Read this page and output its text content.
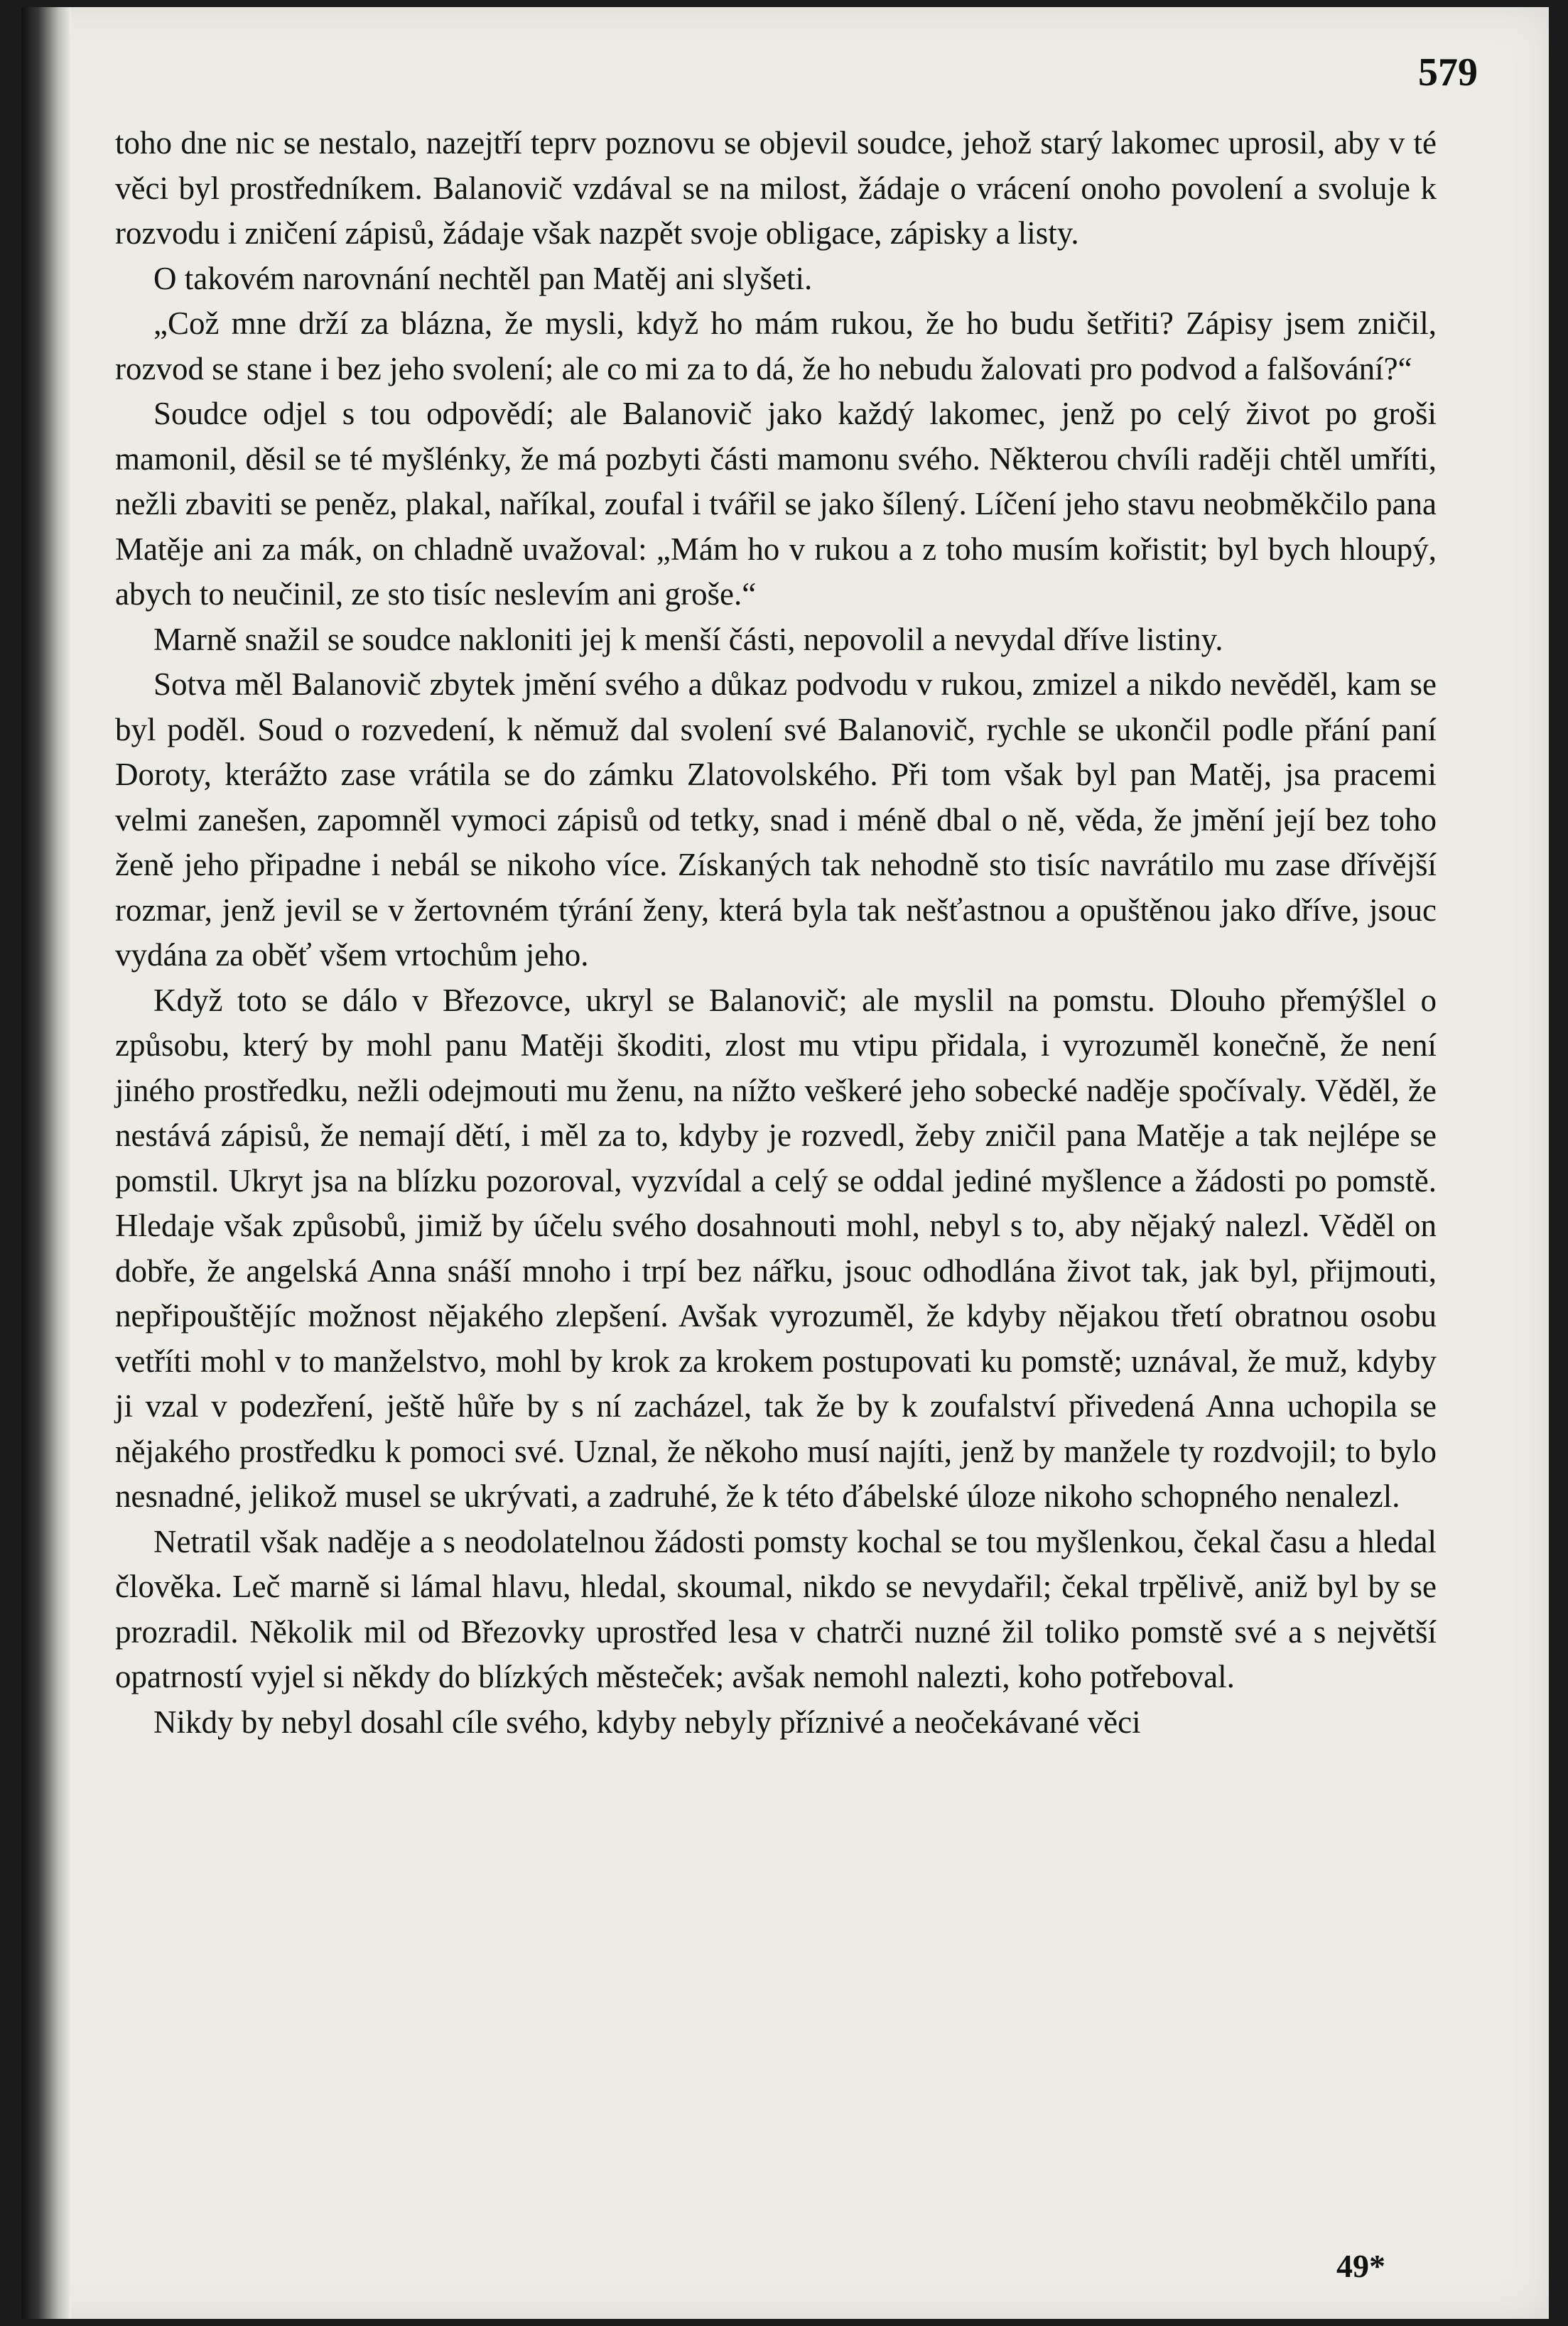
579

toho dne nic se nestalo, nazejtří teprv poznovu se objevil soudce, jehož starý lakomec uprosil, aby v té věci byl prostředníkem. Balanovič vzdával se na milost, žádaje o vrácení onoho povolení a svoluje k rozvodu i zničení zápisů, žádaje však nazpět svoje obligace, zápisky a listy.

O takovém narovnání nechtěl pan Matěj ani slyšeti.

„Což mne drží za blázna, že mysli, když ho mám rukou, že ho budu šetřiti? Zápisy jsem zničil, rozvod se stane i bez jeho svolení; ale co mi za to dá, že ho nebudu žalovati pro podvod a falšování?“

Soudce odjel s tou odpovědí; ale Balanovič jako každý lakomec, jenž po celý život po groši mamonil, děsil se té myšlénky, že má pozbyti části mamonu svého. Některou chvíli raději chtěl umříti, nežli zbaviti se peněz, plakal, naříkal, zoufal i tvářil se jako šílený. Líčení jeho stavu neobměkčilo pana Matěje ani za mák, on chladně uvažoval: „Mám ho v rukou a z toho musím kořistit; byl bych hloupý, abych to neučinil, ze sto tisíc neslevím ani groše.“

Marně snažil se soudce nakloniti jej k menší části, nepovolil a nevydal dříve listiny.

Sotva měl Balanovič zbytek jmění svého a důkaz podvodu v rukou, zmizel a nikdo nevěděl, kam se byl poděl. Soud o rozvedení, k němuž dal svolení své Balanovič, rychle se ukončil podle přání paní Doroty, kterážto zase vrátila se do zámku Zlatovolského. Při tom však byl pan Matěj, jsa pracemi velmi zanešen, zapomněl vymoci zápisů od tetky, snad i méně dbal o ně, věda, že jmění její bez toho ženě jeho připadne i nebál se nikoho více. Získaných tak nehodně sto tisíc navrátilo mu zase dřívější rozmar, jenž jevil se v žertovném týrání ženy, která byla tak nešťastnou a opuštěnou jako dříve, jsouc vydána za oběť všem vrtochům jeho.

Když toto se dálo v Březovce, ukryl se Balanovič; ale myslil na pomstu. Dlouho přemýšlel o způsobu, který by mohl panu Matěji škoditi, zlost mu vtipu přidala, i vyrozuměl konečně, že není jiného prostředku, nežli odejmouti mu ženu, na nížto veškeré jeho sobecké naděje spočívaly. Věděl, že nestává zápisů, že nemají dětí, i měl za to, kdyby je rozvedl, žeby zničil pana Matěje a tak nejlépe se pomstil. Ukryt jsa na blízku pozoroval, vyzvídal a celý se oddal jediné myšlence a žádosti po pomstě. Hledaje však způsobů, jimiž by účelu svého dosahnouti mohl, nebyl s to, aby nějaký nalezl. Věděl on dobře, že angelská Anna snáší mnoho i trpí bez nářku, jsouc odhodlána život tak, jak byl, přijmouti, nepřipouštějíc možnost nějakého zlepšení. Avšak vyrozuměl, že kdyby nějakou třetí obratnou osobu vetříti mohl v to manželstvo, mohl by krok za krokem postupovati ku pomstě; uznával, že muž, kdyby ji vzal v podezření, ještě hůře by s ní zacházel, tak že by k zoufalství přivedená Anna uchopila se nějakého prostředku k pomoci své. Uznal, že někoho musí najíti, jenž by manžele ty rozdvojil; to bylo nesnadné, jelikož musel se ukrývati, a zadruhé, že k této ďábelské úloze nikoho schopného nenalezl.

Netratil však naděje a s neodolatelnou žádosti pomsty kochal se tou myšlenkou, čekal času a hledal člověka. Leč marně si lámal hlavu, hledal, skoumal, nikdo se nevydařil; čekal trpělivě, aniž byl by se prozradil. Několik mil od Březovky uprostřed lesa v chatrči nuzné žil toliko pomstě své a s největší opatrností vyjel si někdy do blízkých městeček; avšak nemohl nalezti, koho potřeboval.

Nikdy by nebyl dosahl cíle svého, kdyby nebyly příznivé a neočekávané věci

49*
